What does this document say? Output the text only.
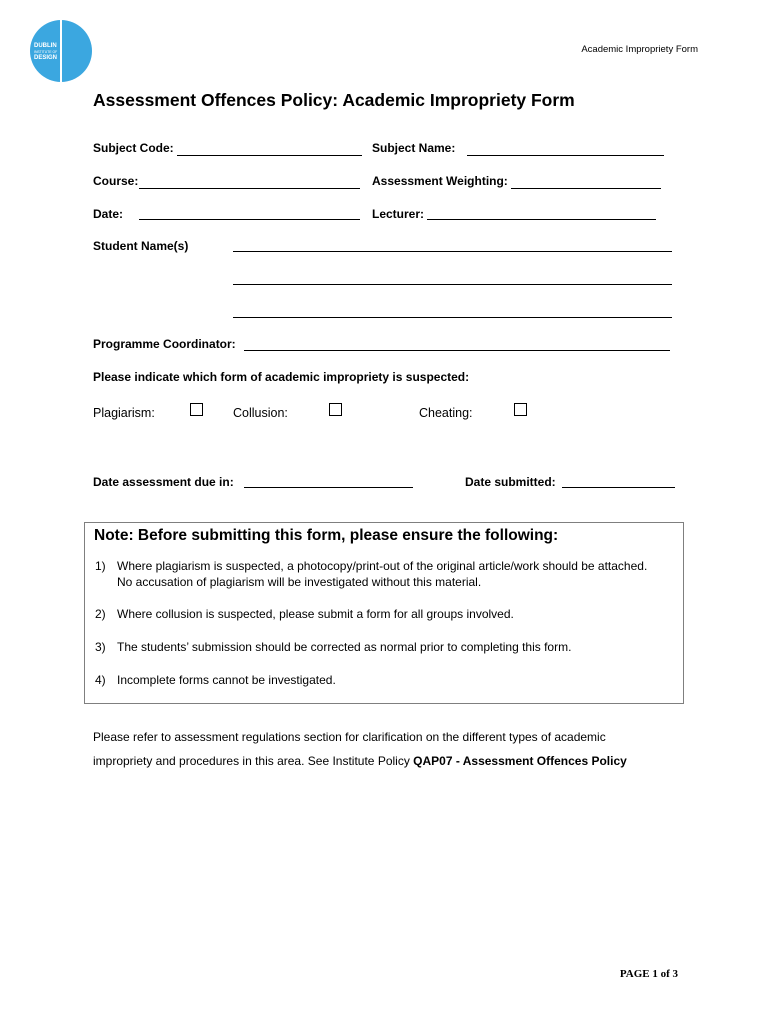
DUBLIN
INSTITUTE OF
DESIGN
Academic Impropriety Form
Assessment Offences Policy: Academic Impropriety Form
Subject Code:	Subject Name:
Course:	Assessment Weighting:
Date:	Lecturer:
Student Name(s)
Programme Coordinator:
Please indicate which form of academic impropriety is suspected:
Plagiarism:	Collusion:	Cheating:
Date assessment due in:	Date submitted:
Note: Before submitting this form, please ensure the following:
1) Where plagiarism is suspected, a photocopy/print-out of the original article/work should be attached. No accusation of plagiarism will be investigated without this material.
2) Where collusion is suspected, please submit a form for all groups involved.
3) The students’ submission should be corrected as normal prior to completing this form.
4) Incomplete forms cannot be investigated.
Please refer to assessment regulations section for clarification on the different types of academic
impropriety and procedures in this area. See Institute Policy QAP07 - Assessment Offences Policy
PAGE 1 of 3
